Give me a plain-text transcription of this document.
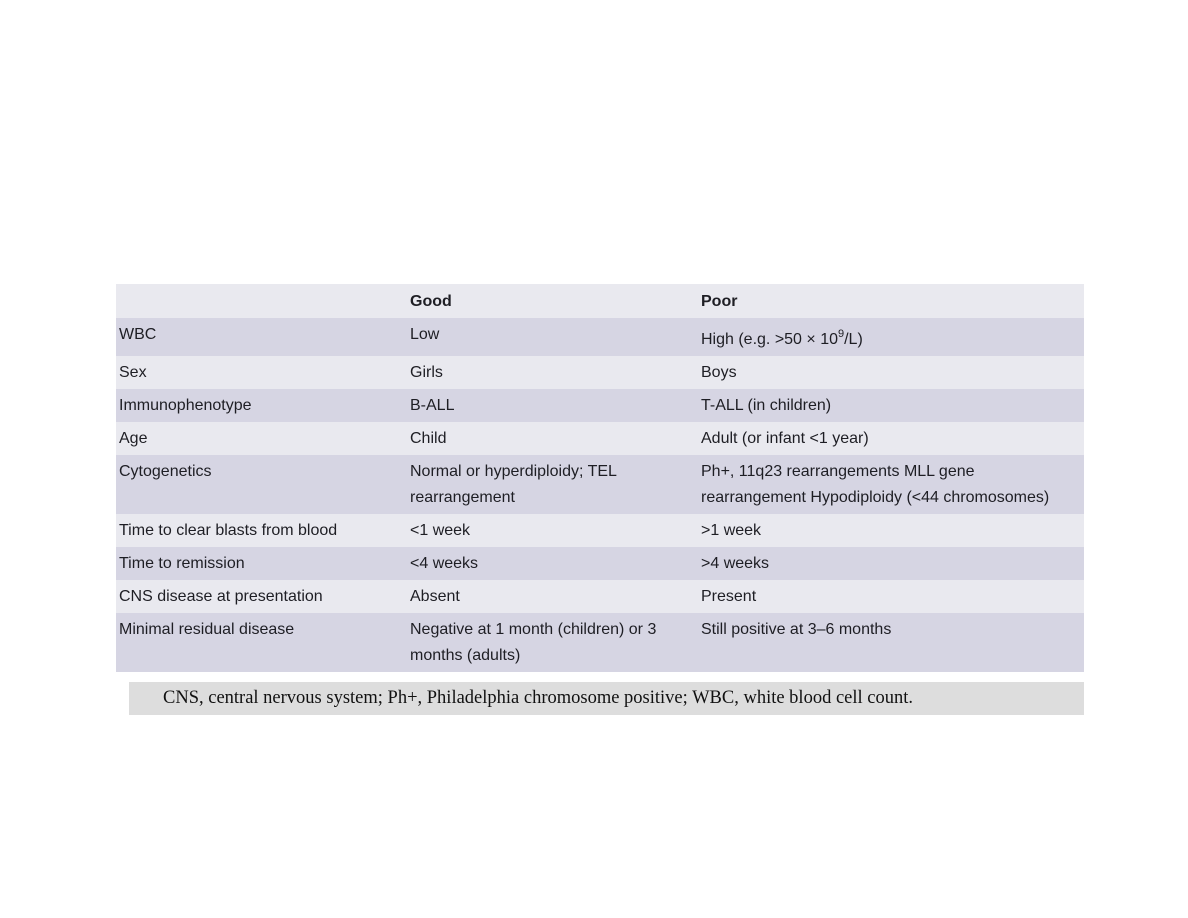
	Good	Poor
WBC	Low	High (e.g. $>50 \times 10^9/L$)
Sex	Girls	Boys
Immunophenotype	B-ALL	T-ALL (in children)
Age	Child	Adult (or infant <1 year)
Cytogenetics	Normal or hyperdiploidy; TEL rearrangement	Ph+, 11q23 rearrangements MLL gene rearrangement Hypodiploidy (<44 chromosomes)
Time to clear blasts from blood	<1 week	>1 week
Time to remission	<4 weeks	>4 weeks
CNS disease at presentation	Absent	Present
Minimal residual disease	Negative at 1 month (children) or 3 months (adults)	Still positive at 3–6 months
CNS, central nervous system; Ph+, Philadelphia chromosome positive; WBC, white blood cell count.
